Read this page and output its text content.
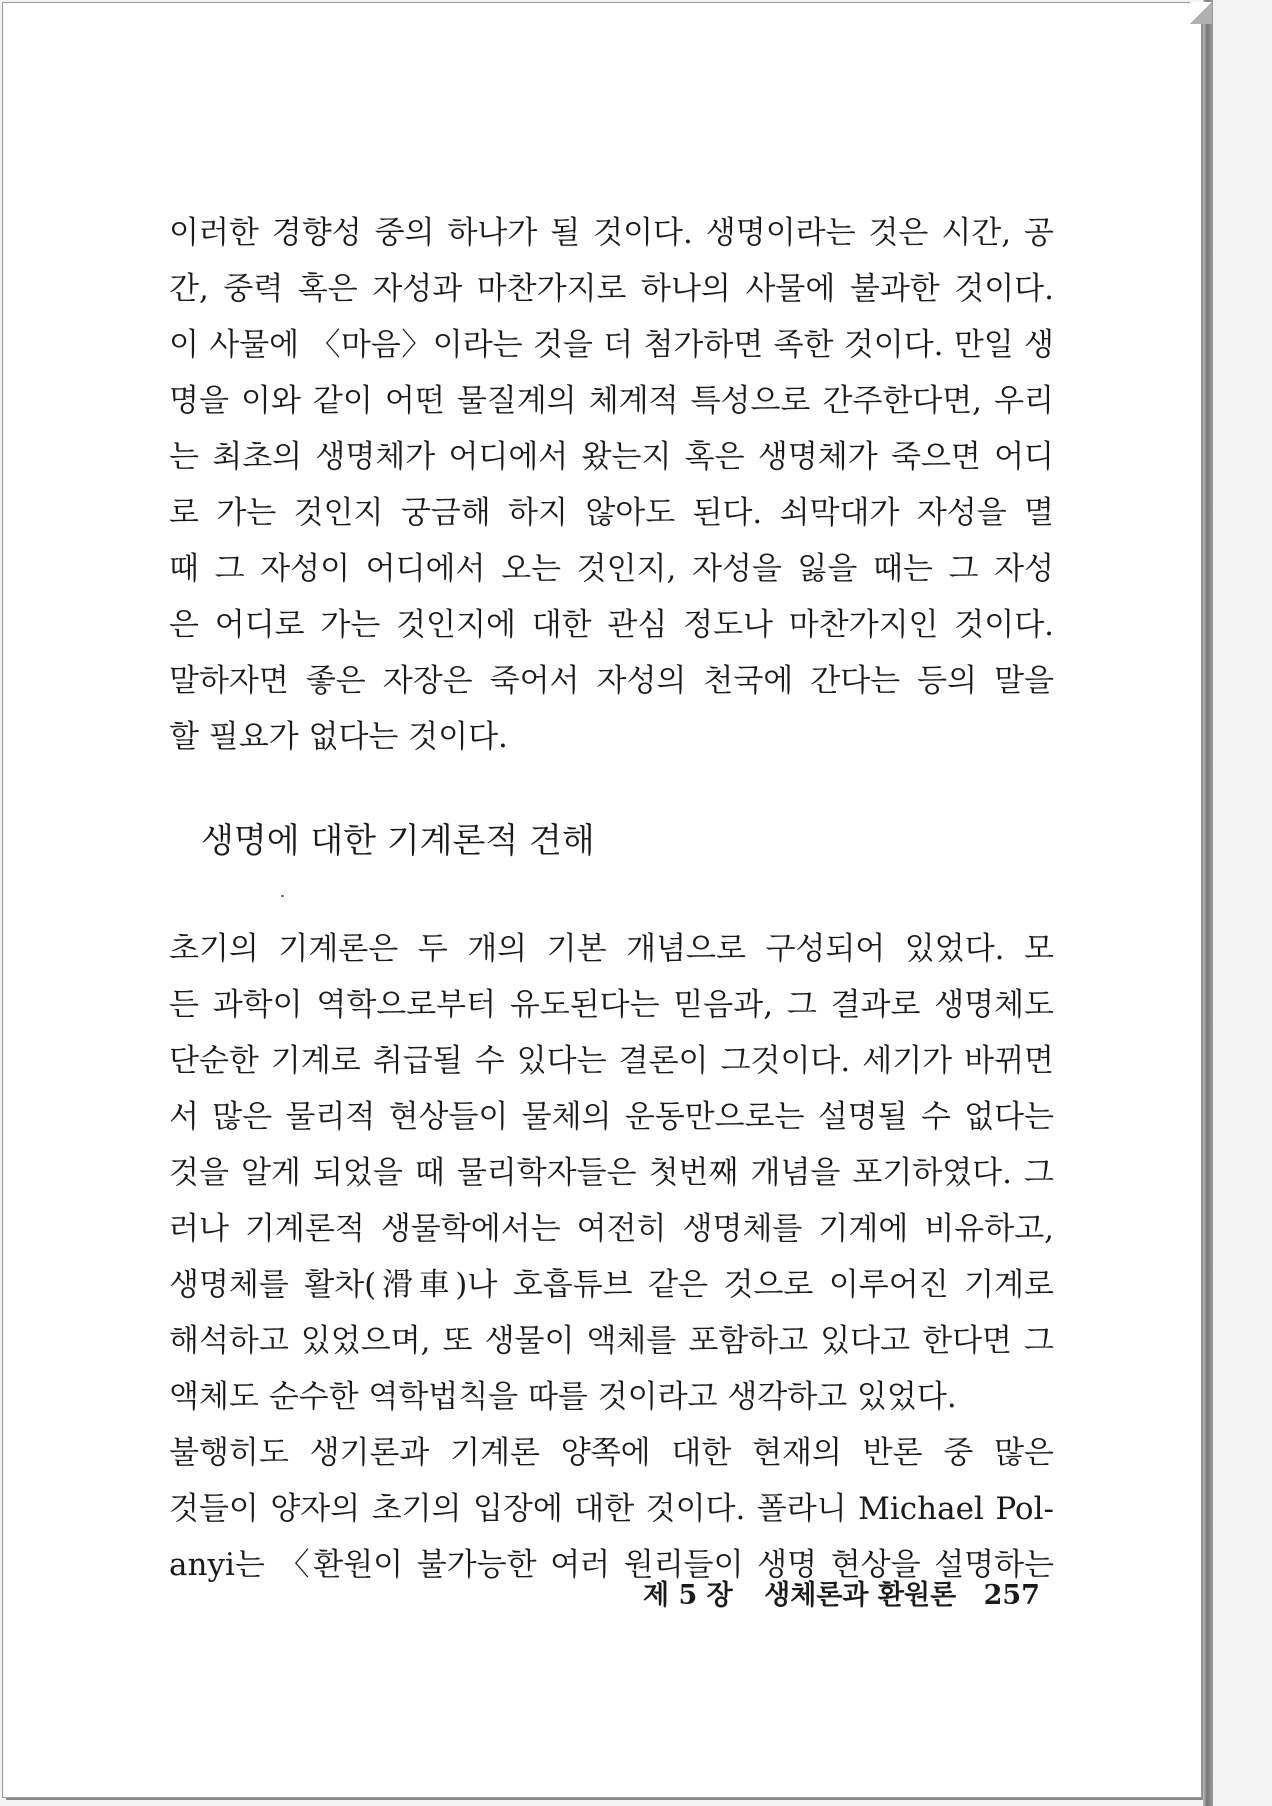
이러한 경향성 중의 하나가 될 것이다. 생명이라는 것은 시간, 공
간, 중력 혹은 자성과 마찬가지로 하나의 사물에 불과한 것이다.
이 사물에 〈마음〉이라는 것을 더 첨가하면 족한 것이다. 만일 생
명을 이와 같이 어떤 물질계의 체계적 특성으로 간주한다면, 우리
는 최초의 생명체가 어디에서 왔는지 혹은 생명체가 죽으면 어디
로 가는 것인지 궁금해 하지 않아도 된다. 쇠막대가 자성을 멸
때 그 자성이 어디에서 오는 것인지, 자성을 잃을 때는 그 자성
은 어디로 가는 것인지에 대한 관심 정도나 마찬가지인 것이다.
말하자면 좋은 자장은 죽어서 자성의 천국에 간다는 등의 말을
할 필요가 없다는 것이다.
생명에 대한 기계론적 견해
초기의 기계론은 두 개의 기본 개념으로 구성되어 있었다. 모
든 과학이 역학으로부터 유도된다는 믿음과, 그 결과로 생명체도
단순한 기계로 취급될 수 있다는 결론이 그것이다. 세기가 바뀌면
서 많은 물리적 현상들이 물체의 운동만으로는 설명될 수 없다는
것을 알게 되었을 때 물리학자들은 첫번째 개념을 포기하였다. 그
러나 기계론적 생물학에서는 여전히 생명체를 기계에 비유하고,
생명체를 활차(滑車)나 호흡튜브 같은 것으로 이루어진 기계로
해석하고 있었으며, 또 생물이 액체를 포함하고 있다고 한다면 그
액체도 순수한 역학법칙을 따를 것이라고 생각하고 있었다.
불행히도 생기론과 기계론 양쪽에 대한 현재의 반론 중 많은
것들이 양자의 초기의 입장에 대한 것이다. 폴라니 Michael Pol-
anyi는 〈환원이 불가능한 여러 원리들이 생명 현상을 설명하는
제 5 장 생체론과 환원론 257
